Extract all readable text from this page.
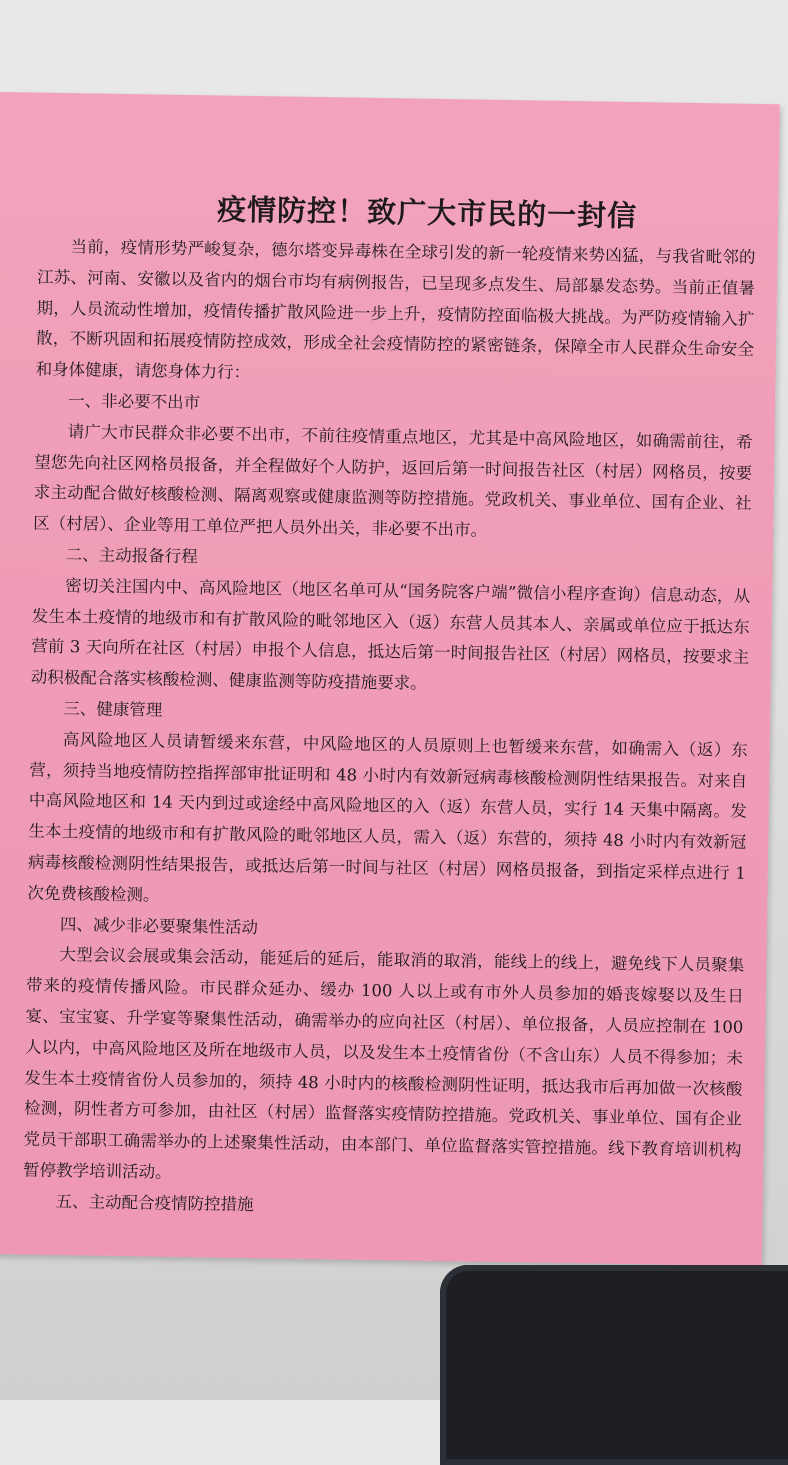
疫情防控！致广大市民的一封信

当前，疫情形势严峻复杂，德尔塔变异毒株在全球引发的新一轮疫情来势凶猛，与我省毗邻的江苏、河南、安徽以及省内的烟台市均有病例报告，已呈现多点发生、局部暴发态势。当前正值暑期，人员流动性增加，疫情传播扩散风险进一步上升，疫情防控面临极大挑战。为严防疫情输入扩散，不断巩固和拓展疫情防控成效，形成全社会疫情防控的紧密链条，保障全市人民群众生命安全和身体健康，请您身体力行：

一、非必要不出市

请广大市民群众非必要不出市，不前往疫情重点地区，尤其是中高风险地区，如确需前往，希望您先向社区网格员报备，并全程做好个人防护，返回后第一时间报告社区（村居）网格员，按要求主动配合做好核酸检测、隔离观察或健康监测等防控措施。党政机关、事业单位、国有企业、社区（村居）、企业等用工单位严把人员外出关，非必要不出市。

二、主动报备行程

密切关注国内中、高风险地区（地区名单可从“国务院客户端”微信小程序查询）信息动态，从发生本土疫情的地级市和有扩散风险的毗邻地区入（返）东营人员其本人、亲属或单位应于抵达东营前 3 天向所在社区（村居）申报个人信息，抵达后第一时间报告社区（村居）网格员，按要求主动积极配合落实核酸检测、健康监测等防疫措施要求。

三、健康管理

高风险地区人员请暂缓来东营，中风险地区的人员原则上也暂缓来东营，如确需入（返）东营，须持当地疫情防控指挥部审批证明和 48 小时内有效新冠病毒核酸检测阴性结果报告。对来自中高风险地区和 14 天内到过或途经中高风险地区的入（返）东营人员，实行 14 天集中隔离。发生本土疫情的地级市和有扩散风险的毗邻地区人员，需入（返）东营的，须持 48 小时内有效新冠病毒核酸检测阴性结果报告，或抵达后第一时间与社区（村居）网格员报备，到指定采样点进行 1 次免费核酸检测。

四、减少非必要聚集性活动

大型会议会展或集会活动，能延后的延后，能取消的取消，能线上的线上，避免线下人员聚集带来的疫情传播风险。市民群众延办、缓办 100 人以上或有市外人员参加的婚丧嫁娶以及生日宴、宝宝宴、升学宴等聚集性活动，确需举办的应向社区（村居）、单位报备，人员应控制在 100 人以内，中高风险地区及所在地级市人员，以及发生本土疫情省份（不含山东）人员不得参加；未发生本土疫情省份人员参加的，须持 48 小时内的核酸检测阴性证明，抵达我市后再加做一次核酸检测，阴性者方可参加，由社区（村居）监督落实疫情防控措施。党政机关、事业单位、国有企业党员干部职工确需举办的上述聚集性活动，由本部门、单位监督落实管控措施。线下教育培训机构暂停教学培训活动。

五、主动配合疫情防控措施
